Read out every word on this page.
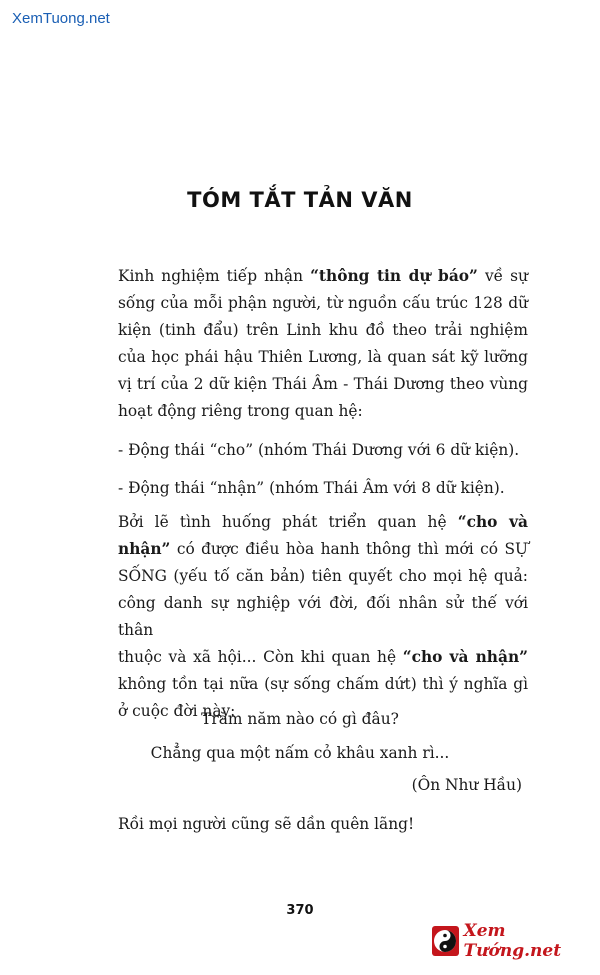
XemTuong.net
TÓM TẮT TẢN VĂN

Kinh nghiệm tiếp nhận “thông tin dự báo” về sự

sống của mỗi phận người, từ nguồn cấu trúc 128 dữ

kiện (tinh đẩu) trên Linh khu đồ theo trải nghiệm

của học phái hậu Thiên Lương, là quan sát kỹ lưỡng

vị trí của 2 dữ kiện Thái Âm - Thái Dương theo vùng

hoạt động riêng trong quan hệ:

- Động thái “cho” (nhóm Thái Dương với 6 dữ kiện).
- Động thái “nhận” (nhóm Thái Âm với 8 dữ kiện).

Bởi lẽ tình huống phát triển quan hệ “cho và

nhận” có được điều hòa hanh thông thì mới có SỰ

SỐNG (yếu tố căn bản) tiên quyết cho mọi hệ quả:

công danh sự nghiệp với đời, đối nhân sử thế với thân

thuộc và xã hội... Còn khi quan hệ “cho và nhận”

không tồn tại nữa (sự sống chấm dứt) thì ý nghĩa gì

ở cuộc đời này:

Trăm năm nào có gì đâu?
Chẳng qua một nấm cỏ khâu xanh rì...
(Ôn Như Hầu)
Rồi mọi người cũng sẽ dần quên lãng!
370
Xem Tướng.net
